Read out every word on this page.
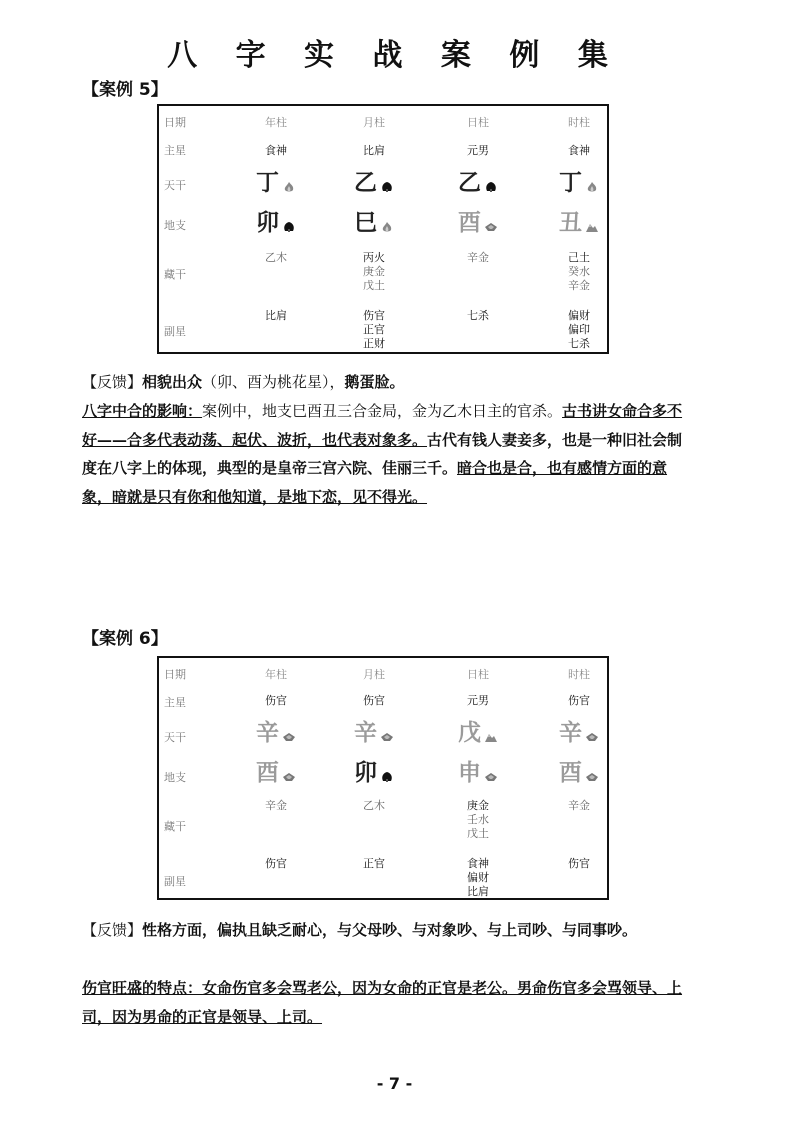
八 字 实 战 案 例 集
【案例 5】
日期
主星
天干
地支
藏干
副星
年柱
食神
丁
卯
乙木
比肩
月柱
比肩
乙
巳
丙火
庚金
戊土
伤官
正官
正财
日柱
元男
乙
酉
辛金
七杀
时柱
食神
丁
丑
己土
癸水
辛金
偏财
偏印
七杀
【反馈】相貌出众（卯、酉为桃花星），鹅蛋脸。
八字中合的影响：案例中，地支巳酉丑三合金局，金为乙木日主的官杀。古书讲女命合多不好——合多代表动荡、起伏、波折，也代表对象多。古代有钱人妻妾多，也是一种旧社会制度在八字上的体现，典型的是皇帝三宫六院、佳丽三千。暗合也是合，也有感情方面的意象，暗就是只有你和他知道，是地下恋，见不得光。
【案例 6】
日期
主星
天干
地支
藏干
副星
年柱
伤官
辛
酉
辛金
伤官
月柱
伤官
辛
卯
乙木
正官
日柱
元男
戊
申
庚金
壬水
戊土
食神
偏财
比肩
时柱
伤官
辛
酉
辛金
伤官
【反馈】性格方面，偏执且缺乏耐心，与父母吵、与对象吵、与上司吵、与同事吵。
伤官旺盛的特点：女命伤官多会骂老公，因为女命的正官是老公。男命伤官多会骂领导、上司，因为男命的正官是领导、上司。
- 7 -
